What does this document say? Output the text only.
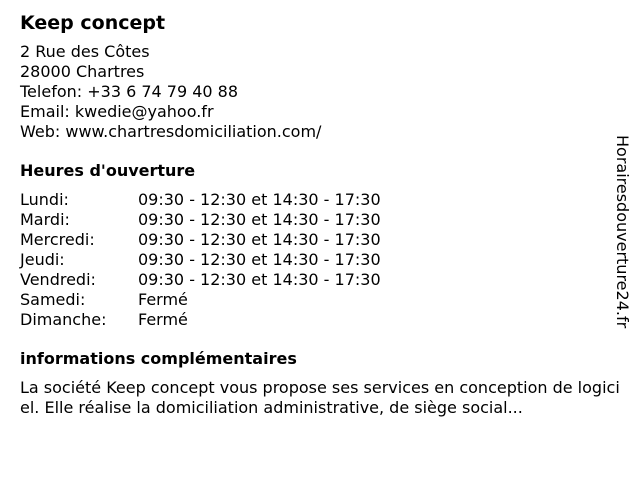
Keep concept
2 Rue des Côtes
28000 Chartres
Telefon: +33 6 74 79 40 88
Email: kwedie@yahoo.fr
Web: www.chartresdomiciliation.com/
Heures d'ouverture
Lundi:	09:30 - 12:30 et 14:30 - 17:30
Mardi:	09:30 - 12:30 et 14:30 - 17:30
Mercredi:	09:30 - 12:30 et 14:30 - 17:30
Jeudi:	09:30 - 12:30 et 14:30 - 17:30
Vendredi:	09:30 - 12:30 et 14:30 - 17:30
Samedi:	Fermé
Dimanche:	Fermé
informations complémentaires
La société Keep concept vous propose ses services en conception de logiciel. Elle réalise la domiciliation administrative, de siège social...
Horairesdouverture24.fr
